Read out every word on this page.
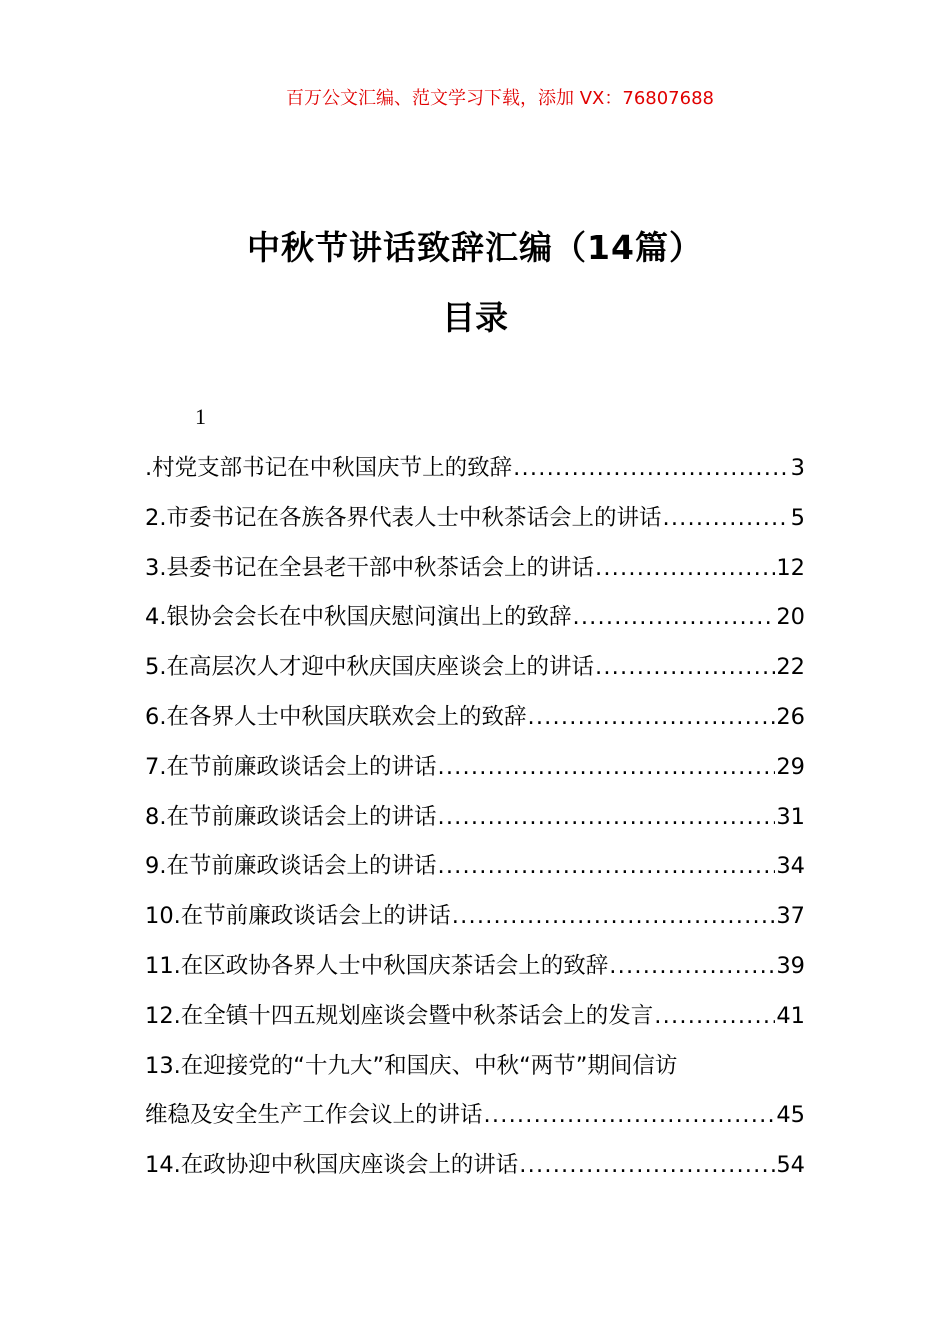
百万公文汇编、范文学习下载，添加 VX：76807688
中秋节讲话致辞汇编（14篇）
目录
1
.村党支部书记在中秋国庆节上的致辞 .....	3
2.市委书记在各族各界代表人士中秋茶话会上的讲话 .....	5
3.县委书记在全县老干部中秋茶话会上的讲话 .....	12
4.银协会会长在中秋国庆慰问演出上的致辞 .....	20
5.在高层次人才迎中秋庆国庆座谈会上的讲话 .....	22
6.在各界人士中秋国庆联欢会上的致辞 .....	26
7.在节前廉政谈话会上的讲话 .....	29
8.在节前廉政谈话会上的讲话 .....	31
9.在节前廉政谈话会上的讲话 .....	34
10.在节前廉政谈话会上的讲话 .....	37
11.在区政协各界人士中秋国庆茶话会上的致辞 .....	39
12.在全镇十四五规划座谈会暨中秋茶话会上的发言 .....	41
13.在迎接党的“十九大”和国庆、中秋“两节”期间信访
维稳及安全生产工作会议上的讲话 .....	45
14.在政协迎中秋国庆座谈会上的讲话 .....	54
